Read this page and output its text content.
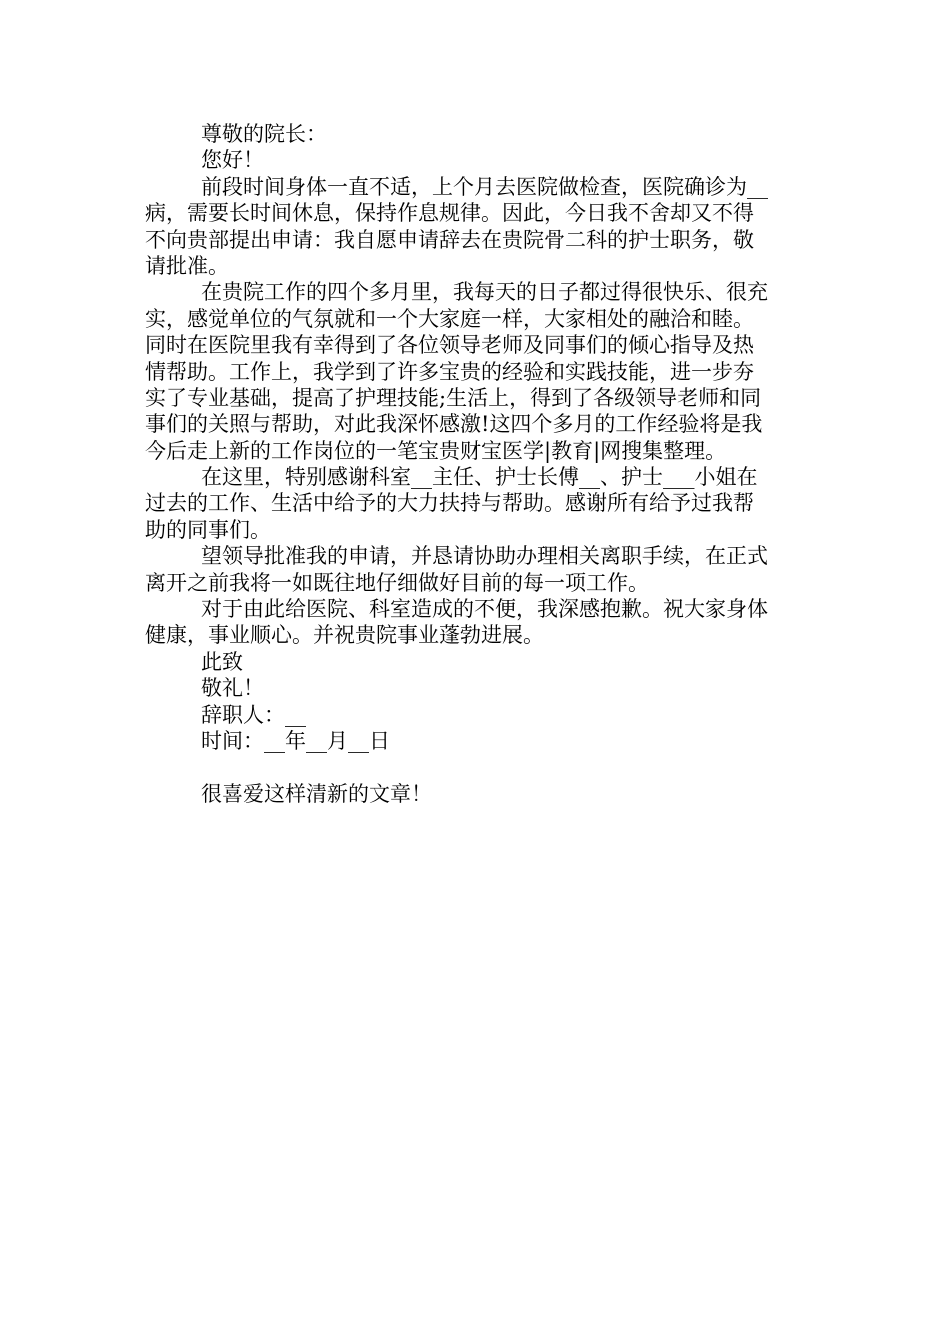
尊敬的院长：
您好！
前段时间身体一直不适，上个月去医院做检查，医院确诊为__
病，需要长时间休息，保持作息规律。因此，今日我不舍却又不得
不向贵部提出申请：我自愿申请辞去在贵院骨二科的护士职务，敬
请批准。
在贵院工作的四个多月里，我每天的日子都过得很快乐、很充
实，感觉单位的气氛就和一个大家庭一样，大家相处的融洽和睦。
同时在医院里我有幸得到了各位领导老师及同事们的倾心指导及热
情帮助。工作上，我学到了许多宝贵的经验和实践技能，进一步夯
实了专业基础，提高了护理技能;生活上，得到了各级领导老师和同
事们的关照与帮助，对此我深怀感激!这四个多月的工作经验将是我
今后走上新的工作岗位的一笔宝贵财宝医学|教育|网搜集整理。
在这里，特别感谢科室__主任、护士长傅__、护士___小姐在
过去的工作、生活中给予的大力扶持与帮助。感谢所有给予过我帮
助的同事们。
望领导批准我的申请，并恳请协助办理相关离职手续，在正式
离开之前我将一如既往地仔细做好目前的每一项工作。
对于由此给医院、科室造成的不便，我深感抱歉。祝大家身体
健康，事业顺心。并祝贵院事业蓬勃进展。
此致
敬礼！
辞职人：__
时间：__年__月__日
很喜爱这样清新的文章！
